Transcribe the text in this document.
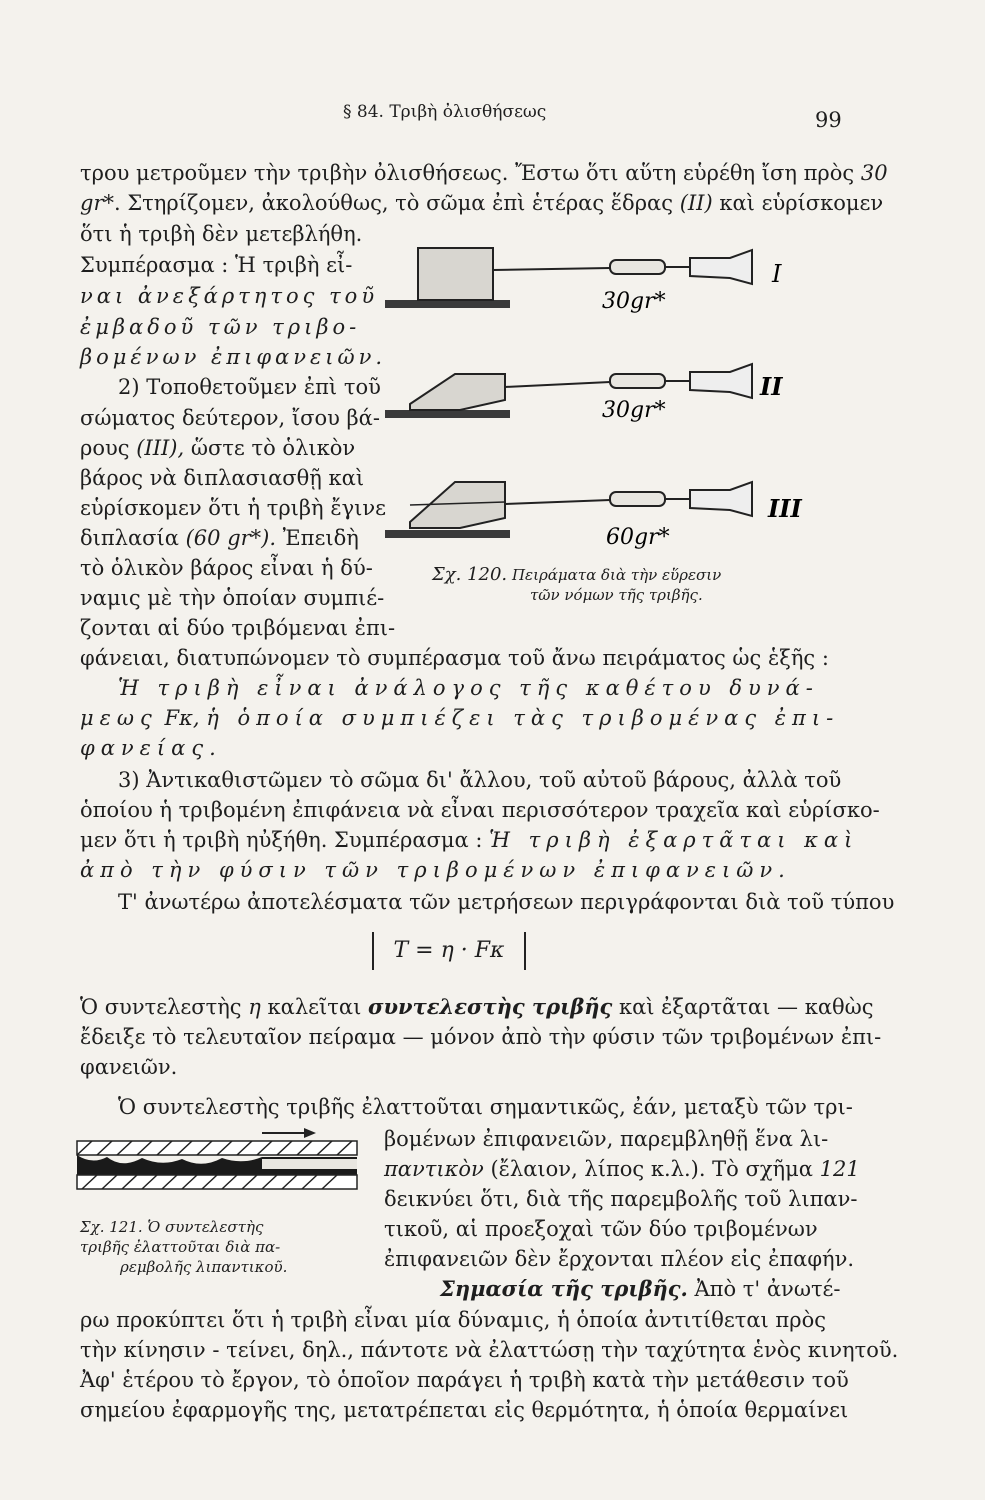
§ 84. Τριβὴ ὀλισθήσεως	99
τρου μετροῦμεν τὴν τριβὴν ὀλισθήσεως. Ἔστω ὅτι αὕτη εὑρέθη ἴση πρὸς 30
gr*. Στηρίζομεν, ἀκολούθως, τὸ σῶμα ἐπὶ ἑτέρας ἕδρας (II) καὶ εὑρίσκομεν
ὅτι ἡ τριβὴ δὲν μετεβλήθη.
Συμπέρασμα : Ἡ τριβὴ εἶ-
ναι ἀνεξάρτητος τοῦ
ἐμβαδοῦ τῶν τριβο-
βομένων ἐπιφανειῶν.
2) Τοποθετοῦμεν ἐπὶ τοῦ
σώματος δεύτερον, ἴσου βά-
ρους (III), ὥστε τὸ ὁλικὸν
βάρος νὰ διπλασιασθῇ καὶ
εὑρίσκομεν ὅτι ἡ τριβὴ ἔγινε
διπλασία (60 gr*). Ἐπειδὴ
τὸ ὁλικὸν βάρος εἶναι ἡ δύ-
ναμις μὲ τὴν ὁποίαν συμπιέ-
ζονται αἱ δύο τριβόμεναι ἐπι-
I
II
III
30gr*
30gr*
60gr*
Σχ. 120. Πειράματα διὰ τὴν εὕρεσιν
τῶν νόμων τῆς τριβῆς.
φάνειαι, διατυπώνομεν τὸ συμπέρασμα τοῦ ἄνω πειράματος ὡς ἑξῆς :
Ἡ τριβὴ εἶναι ἀνάλογος τῆς καθέτου δυνά-
μεως Fκ, ἡ ὁποία συμπιέζει τὰς τριβομένας ἐπι-
φανείας.
3) Ἀντικαθιστῶμεν τὸ σῶμα δι' ἄλλου, τοῦ αὐτοῦ βάρους, ἀλλὰ τοῦ
ὁποίου ἡ τριβομένη ἐπιφάνεια νὰ εἶναι περισσότερον τραχεῖα καὶ εὑρίσκο-
μεν ὅτι ἡ τριβὴ ηὐξήθη. Συμπέρασμα : Ἡ τριβὴ ἐξαρτᾶται καὶ
ἀπὸ τὴν φύσιν τῶν τριβομένων ἐπιφανειῶν.
Τ' ἀνωτέρω ἀποτελέσματα τῶν μετρήσεων περιγράφονται διὰ τοῦ τύπου
T = η · Fκ
Ὁ συντελεστὴς η καλεῖται συντελεστὴς τριβῆς καὶ ἐξαρτᾶται — καθὼς
ἔδειξε τὸ τελευταῖον πείραμα — μόνον ἀπὸ τὴν φύσιν τῶν τριβομένων ἐπι-
φανειῶν.
Ὁ συντελεστὴς τριβῆς ἐλαττοῦται σημαντικῶς, ἐάν, μεταξὺ τῶν τρι-
Σχ. 121. Ὁ συντελεστὴς
τριβῆς ἐλαττοῦται διὰ πα-
ρεμβολῆς λιπαντικοῦ.
βομένων ἐπιφανειῶν, παρεμβληθῇ ἕνα λι-
παντικὸν (ἔλαιον, λίπος κ.λ.). Τὸ σχῆμα 121
δεικνύει ὅτι, διὰ τῆς παρεμβολῆς τοῦ λιπαν-
τικοῦ, αἱ προεξοχαὶ τῶν δύο τριβομένων
ἐπιφανειῶν δὲν ἔρχονται πλέον εἰς ἐπαφήν.
Σημασία τῆς τριβῆς. Ἀπὸ τ' ἀνωτέ-
ρω προκύπτει ὅτι ἡ τριβὴ εἶναι μία δύναμις, ἡ ὁποία ἀντιτίθεται πρὸς
τὴν κίνησιν - τείνει, δηλ., πάντοτε νὰ ἐλαττώσῃ τὴν ταχύτητα ἑνὸς κινητοῦ.
Ἀφ' ἑτέρου τὸ ἔργον, τὸ ὁποῖον παράγει ἡ τριβὴ κατὰ τὴν μετάθεσιν τοῦ
σημείου ἐφαρμογῆς της, μετατρέπεται εἰς θερμότητα, ἡ ὁποία θερμαίνει
